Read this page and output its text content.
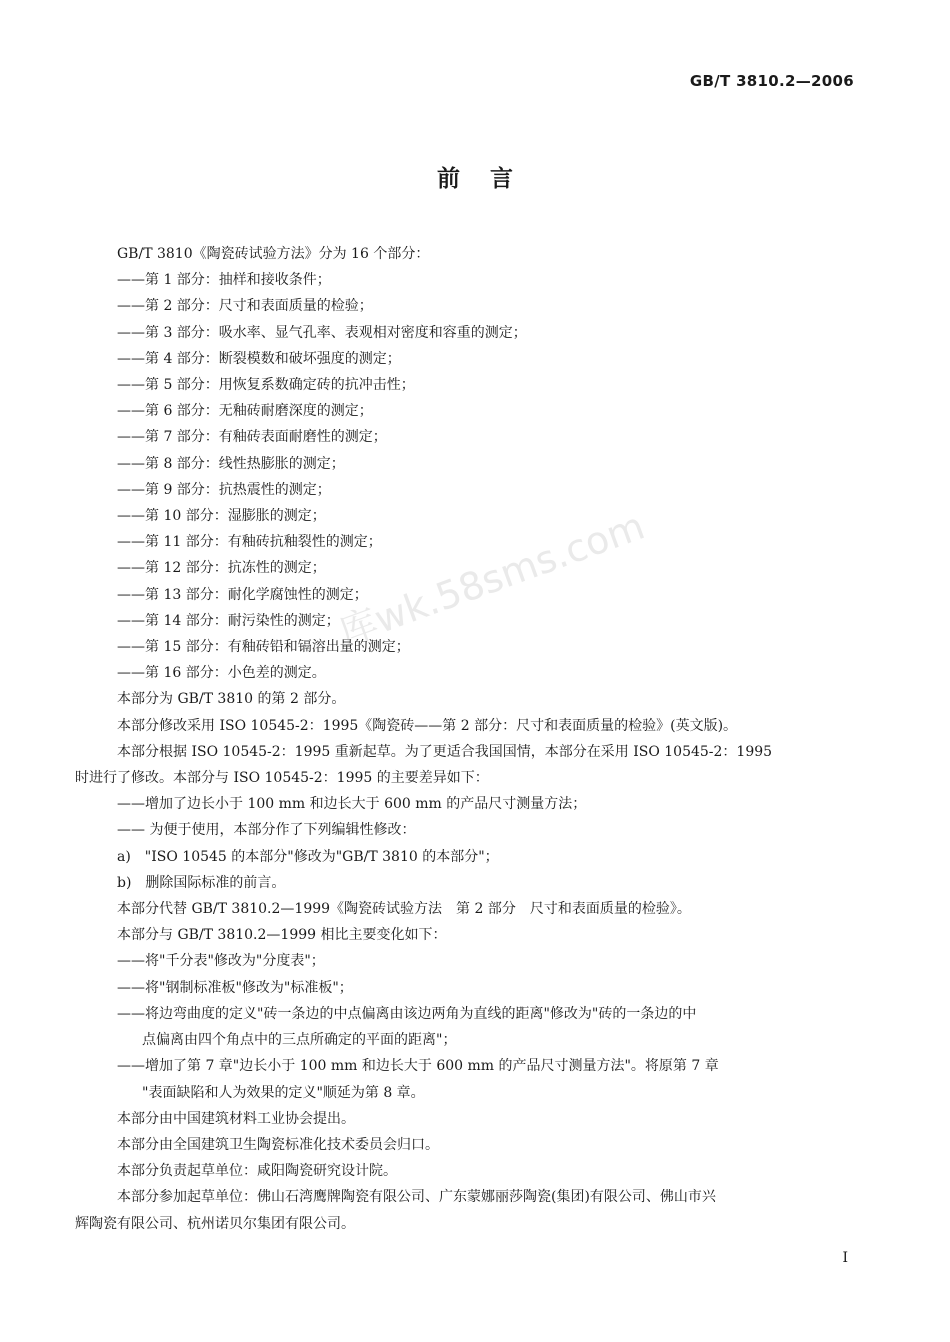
GB/T 3810.2—2006
前言
GB/T 3810《陶瓷砖试验方法》分为 16 个部分：
——第 1 部分：抽样和接收条件；
——第 2 部分：尺寸和表面质量的检验；
——第 3 部分：吸水率、显气孔率、表观相对密度和容重的测定；
——第 4 部分：断裂模数和破坏强度的测定；
——第 5 部分：用恢复系数确定砖的抗冲击性；
——第 6 部分：无釉砖耐磨深度的测定；
——第 7 部分：有釉砖表面耐磨性的测定；
——第 8 部分：线性热膨胀的测定；
——第 9 部分：抗热震性的测定；
——第 10 部分：湿膨胀的测定；
——第 11 部分：有釉砖抗釉裂性的测定；
——第 12 部分：抗冻性的测定；
——第 13 部分：耐化学腐蚀性的测定；
——第 14 部分：耐污染性的测定；
——第 15 部分：有釉砖铅和镉溶出量的测定；
——第 16 部分：小色差的测定。
本部分为 GB/T 3810 的第 2 部分。
本部分修改采用 ISO 10545-2：1995《陶瓷砖——第 2 部分：尺寸和表面质量的检验》(英文版)。
本部分根据 ISO 10545-2：1995 重新起草。为了更适合我国国情，本部分在采用 ISO 10545-2：1995
时进行了修改。本部分与 ISO 10545-2：1995 的主要差异如下：
——增加了边长小于 100 mm 和边长大于 600 mm 的产品尺寸测量方法；
—— 为便于使用，本部分作了下列编辑性修改：
a)　"ISO 10545 的本部分"修改为"GB/T 3810 的本部分"；
b)　删除国际标准的前言。
本部分代替 GB/T 3810.2—1999《陶瓷砖试验方法　第 2 部分　尺寸和表面质量的检验》。
本部分与 GB/T 3810.2—1999 相比主要变化如下：
——将"千分表"修改为"分度表"；
——将"钢制标准板"修改为"标准板"；
——将边弯曲度的定义"砖一条边的中点偏离由该边两角为直线的距离"修改为"砖的一条边的中
点偏离由四个角点中的三点所确定的平面的距离"；
——增加了第 7 章"边长小于 100 mm 和边长大于 600 mm 的产品尺寸测量方法"。将原第 7 章
"表面缺陷和人为效果的定义"顺延为第 8 章。
本部分由中国建筑材料工业协会提出。
本部分由全国建筑卫生陶瓷标准化技术委员会归口。
本部分负责起草单位：咸阳陶瓷研究设计院。
本部分参加起草单位：佛山石湾鹰牌陶瓷有限公司、广东蒙娜丽莎陶瓷(集团)有限公司、佛山市兴
辉陶瓷有限公司、杭州诺贝尔集团有限公司。
库wk.58sms.com
I
